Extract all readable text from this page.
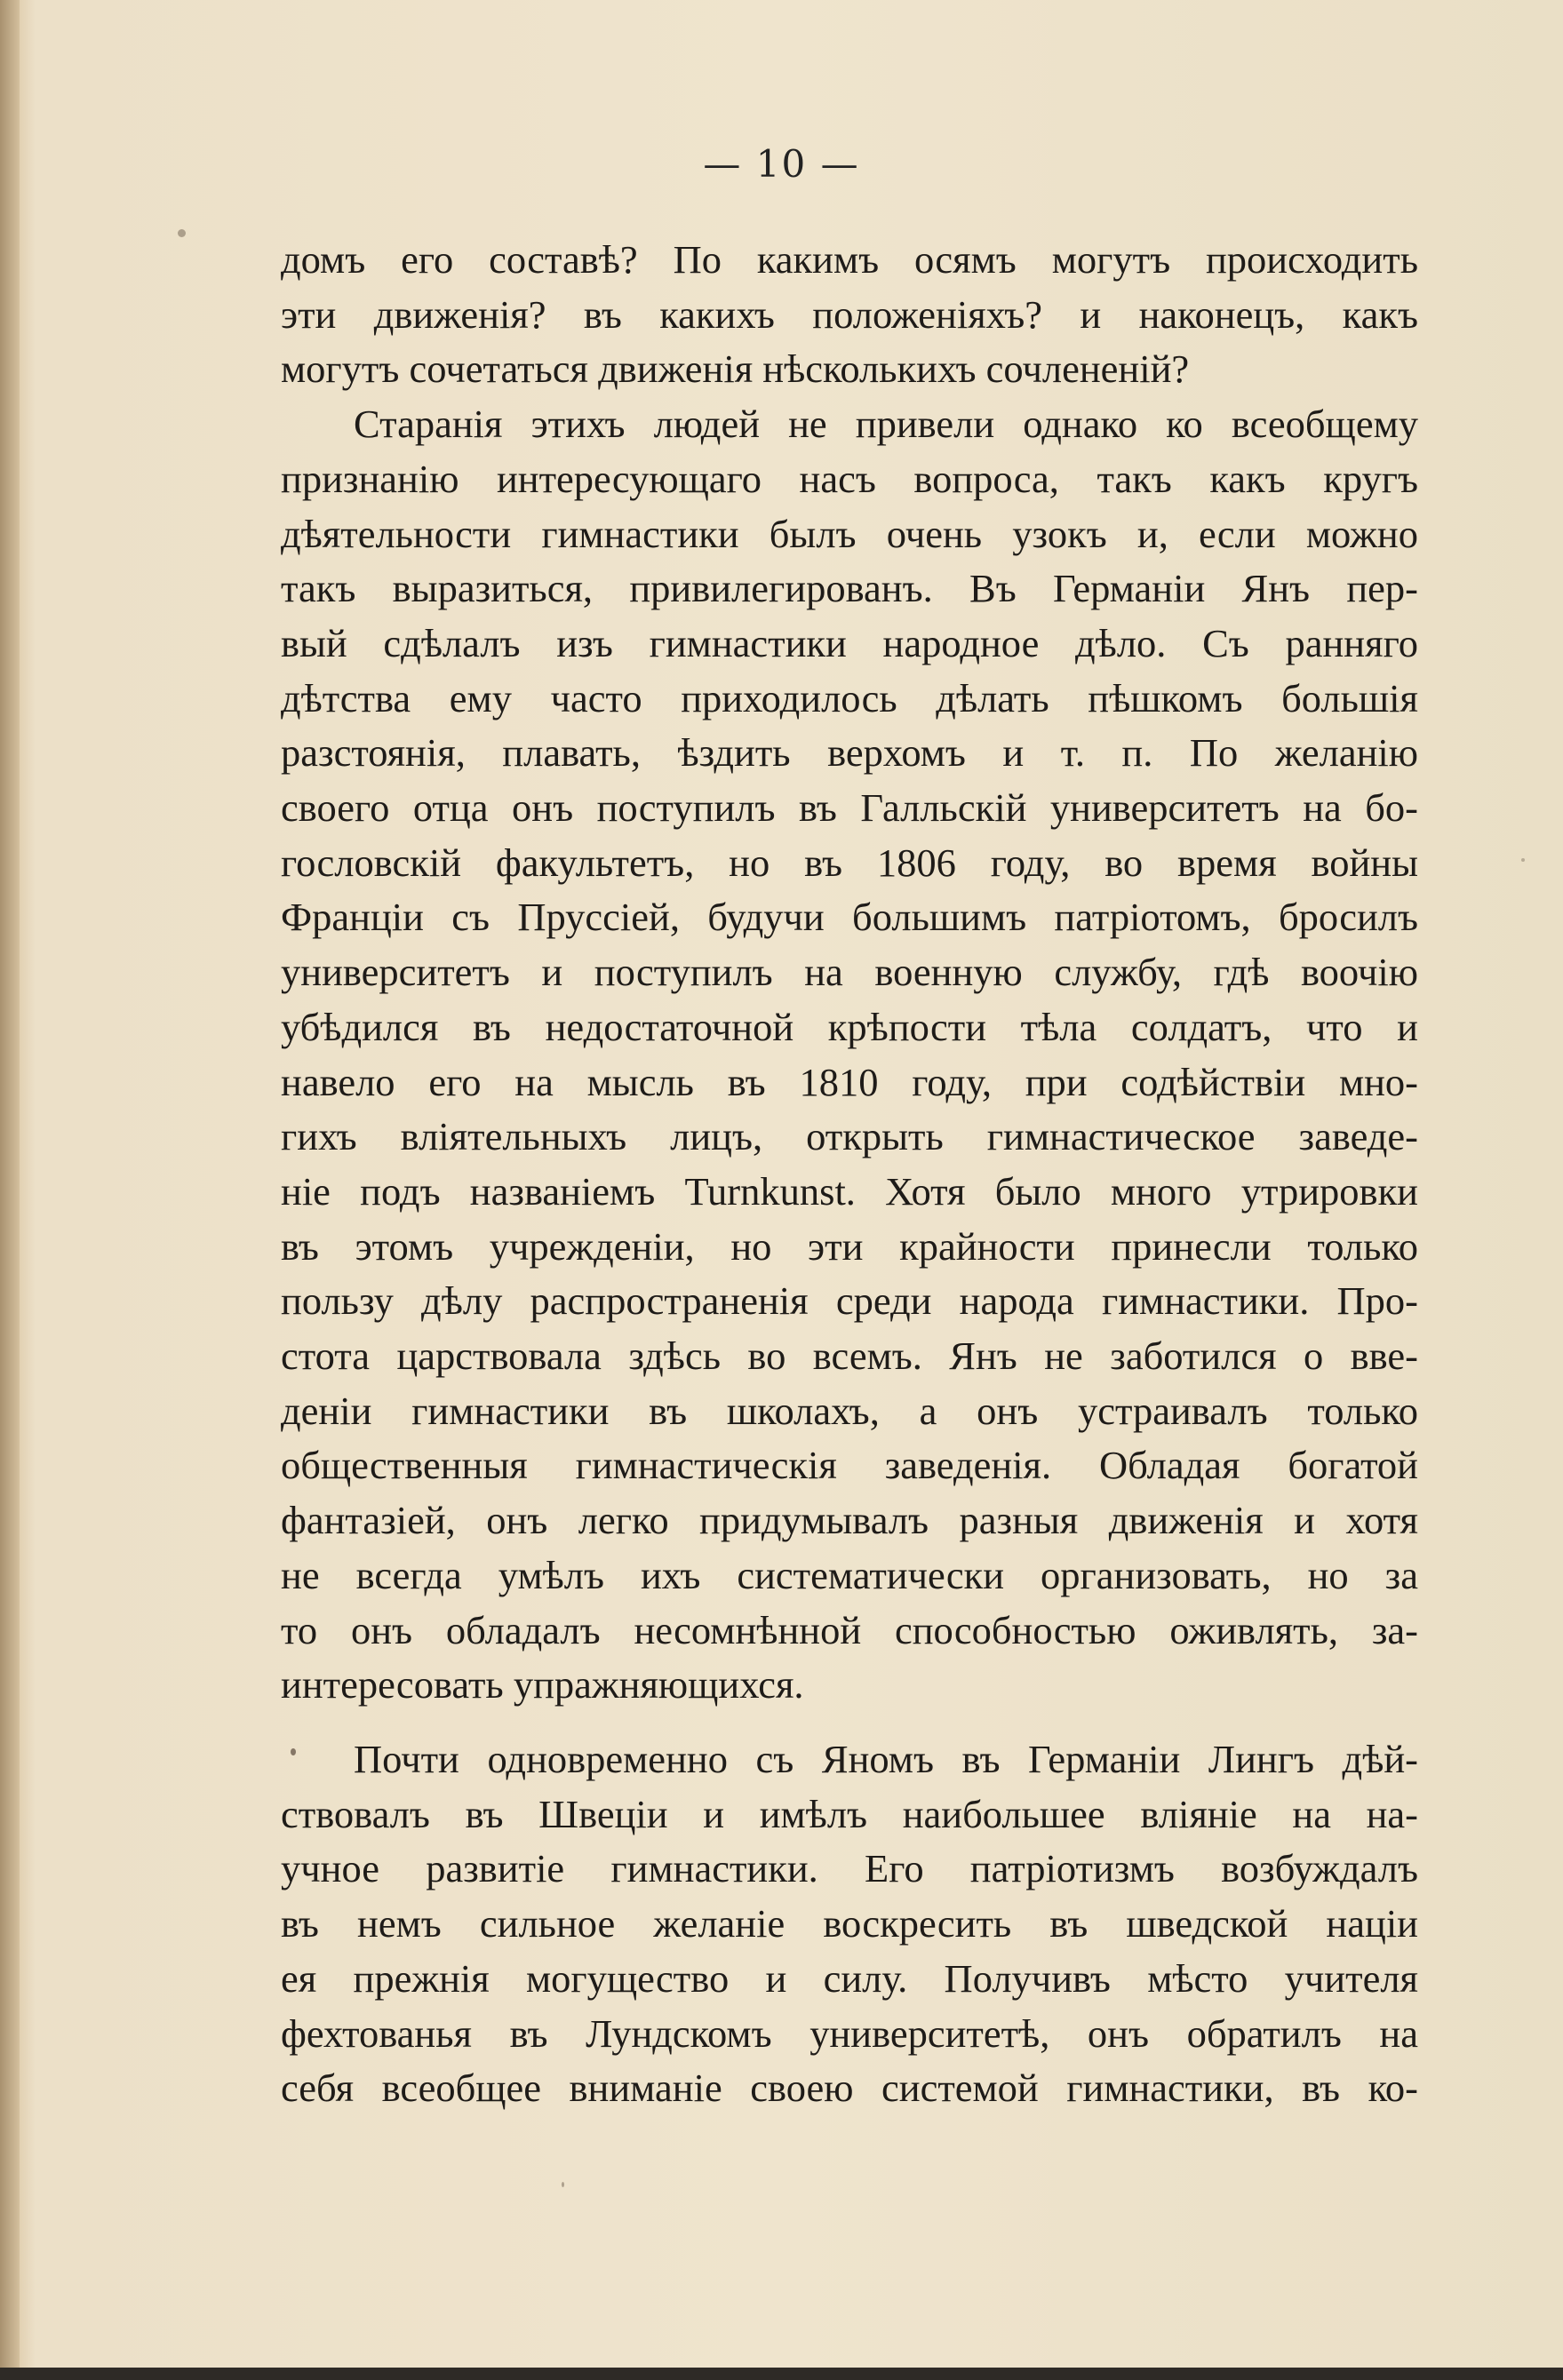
— 10 —

домъ его составѣ? По какимъ осямъ могутъ происходить
эти движенія? въ какихъ положеніяхъ? и наконецъ, какъ
могутъ сочетаться движенія нѣсколькихъ сочлененій?

Старанія этихъ людей не привели однако ко всеобщему
признанію интересующаго насъ вопроса, такъ какъ кругъ
дѣятельности гимнастики былъ очень узокъ и, если можно
такъ выразиться, привилегированъ. Въ Германіи Янъ пер-
вый сдѣлалъ изъ гимнастики народное дѣло. Съ ранняго
дѣтства ему часто приходилось дѣлать пѣшкомъ большія
разстоянія, плавать, ѣздить верхомъ и т. п. По желанію
своего отца онъ поступилъ въ Галльскій университетъ на бо-
гословскій факультетъ, но въ 1806 году, во время войны
Франціи съ Пруссіей, будучи большимъ патріотомъ, бросилъ
университетъ и поступилъ на военную службу, гдѣ воочію
убѣдился въ недостаточной крѣпости тѣла солдатъ, что и
навело его на мысль въ 1810 году, при содѣйствіи мно-
гихъ вліятельныхъ лицъ, открыть гимнастическое заведе-
ніе подъ названіемъ Turnkunst. Хотя было много утрировки
въ этомъ учрежденіи, но эти крайности принесли только
пользу дѣлу распространенія среди народа гимнастики. Про-
стота царствовала здѣсь во всемъ. Янъ не заботился о вве-
деніи гимнастики въ школахъ, а онъ устраивалъ только
общественныя гимнастическія заведенія. Обладая богатой
фантазіей, онъ легко придумывалъ разныя движенія и хотя
не всегда умѣлъ ихъ систематически организовать, но за
то онъ обладалъ несомнѣнной способностью оживлять, за-
интересовать упражняющихся.

Почти одновременно съ Яномъ въ Германіи Лингъ дѣй-
ствовалъ въ Швеціи и имѣлъ наибольшее вліяніе на на-
учное развитіе гимнастики. Его патріотизмъ возбуждалъ
въ немъ сильное желаніе воскресить въ шведской націи
ея прежнія могущество и силу. Получивъ мѣсто учителя
фехтованья въ Лундскомъ университетѣ, онъ обратилъ на
себя всеобщее вниманіе своею системой гимнастики, въ ко-
